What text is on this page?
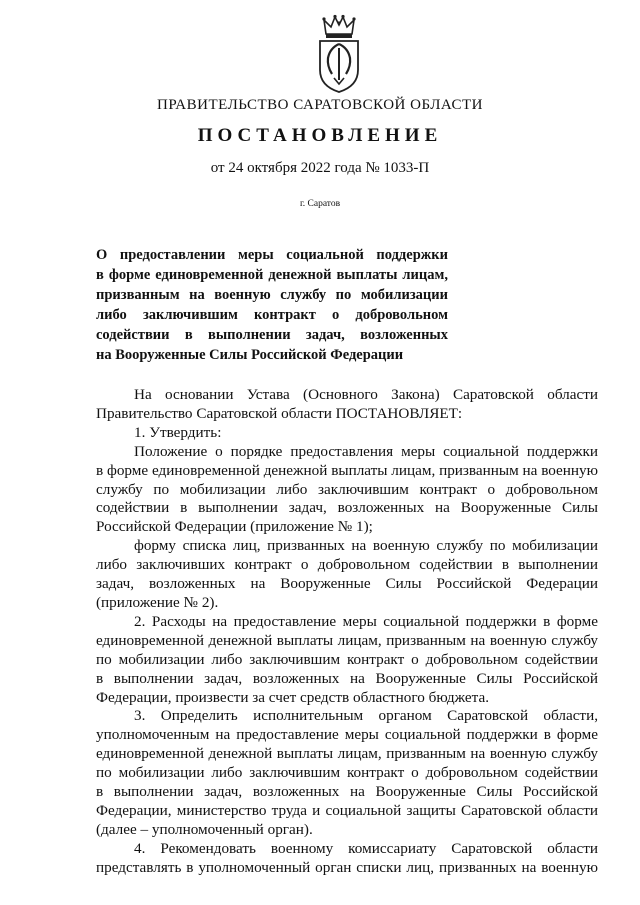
ПРАВИТЕЛЬСТВО САРАТОВСКОЙ ОБЛАСТИ
ПОСТАНОВЛЕНИЕ
от 24 октября 2022 года № 1033-П
г. Саратов
О предоставлении меры социальной поддержки
в форме единовременной денежной выплаты лицам,
призванным на военную службу по мобилизации
либо заключившим контракт о добровольном
содействии в выполнении задач, возложенных
на Вооруженные Силы Российской Федерации
На основании Устава (Основного Закона) Саратовской области
Правительство Саратовской области ПОСТАНОВЛЯЕТ:
1. Утвердить:
Положение о порядке предоставления меры социальной поддержки
в форме единовременной денежной выплаты лицам, призванным на военную
службу по мобилизации либо заключившим контракт о добровольном
содействии в выполнении задач, возложенных на Вооруженные Силы
Российской Федерации (приложение № 1);
форму списка лиц, призванных на военную службу по мобилизации
либо заключивших контракт о добровольном содействии в выполнении
задач, возложенных на Вооруженные Силы Российской Федерации
(приложение № 2).
2. Расходы на предоставление меры социальной поддержки в форме
единовременной денежной выплаты лицам, призванным на военную службу
по мобилизации либо заключившим контракт о добровольном содействии
в выполнении задач, возложенных на Вооруженные Силы Российской
Федерации, произвести за счет средств областного бюджета.
3. Определить исполнительным органом Саратовской области,
уполномоченным на предоставление меры социальной поддержки в форме
единовременной денежной выплаты лицам, призванным на военную службу
по мобилизации либо заключившим контракт о добровольном содействии
в выполнении задач, возложенных на Вооруженные Силы Российской
Федерации, министерство труда и социальной защиты Саратовской области
(далее – уполномоченный орган).
4. Рекомендовать военному комиссариату Саратовской области
представлять в уполномоченный орган списки лиц, призванных на военную
